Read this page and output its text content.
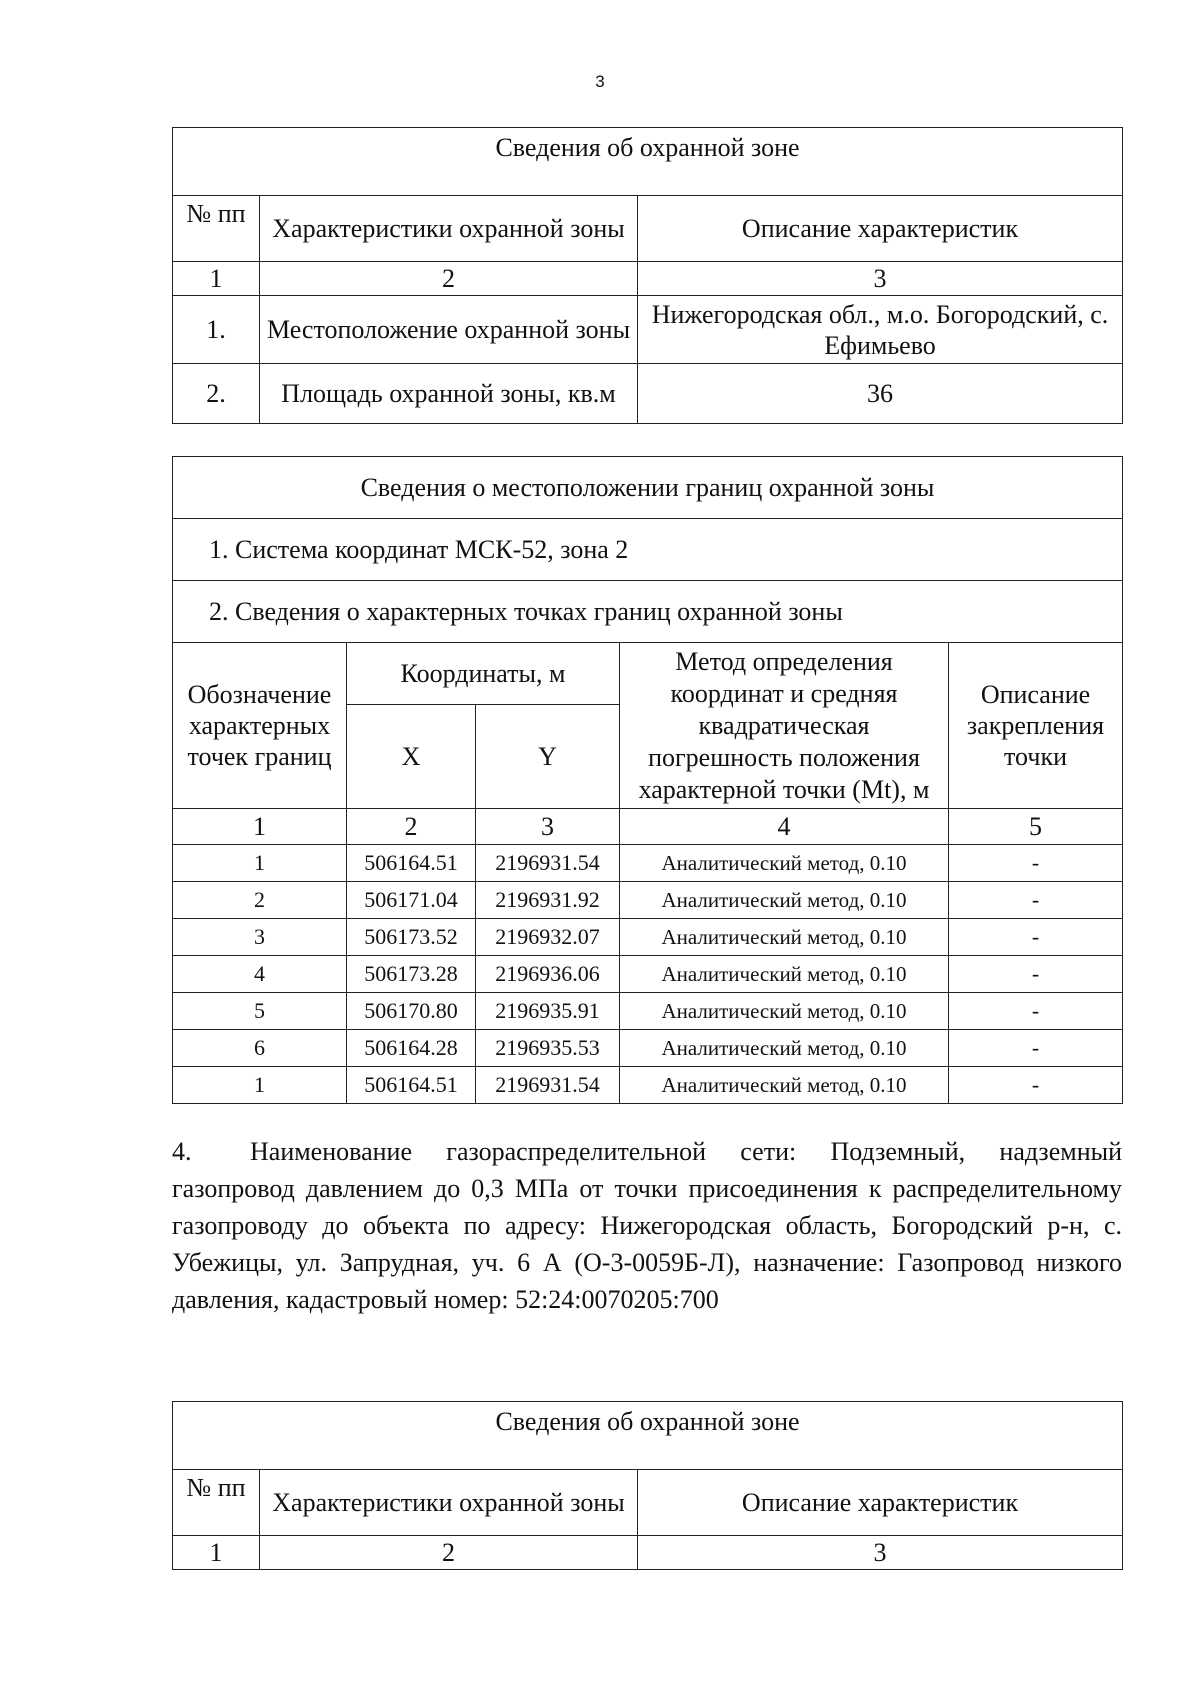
3
Сведения об охранной зоне		
№ пп	Характеристики охранной зоны	Описание характеристик
1	2	3
1.	Местоположение охранной зоны	Нижегородская обл., м.о. Богородский, с. Ефимьево
2.	Площадь охранной зоны, кв.м	36
Сведения о местоположении границ охранной зоны				
1. Система координат МСК-52, зона 2				
2. Сведения о характерных точках границ охранной зоны				
Обозначение характерных точек границ	Координаты, м		Метод определения координат и средняя квадратическая погрешность положения характерной точки (Mt), м	Описание закрепления точки
	X	Y		
1	2	3	4	5
1	506164.51	2196931.54	Аналитический метод, 0.10	-
2	506171.04	2196931.92	Аналитический метод, 0.10	-
3	506173.52	2196932.07	Аналитический метод, 0.10	-
4	506173.28	2196936.06	Аналитический метод, 0.10	-
5	506170.80	2196935.91	Аналитический метод, 0.10	-
6	506164.28	2196935.53	Аналитический метод, 0.10	-
1	506164.51	2196931.54	Аналитический метод, 0.10	-
4. Наименование газораспределительной сети: Подземный, надземный газопровод давлением до 0,3 МПа от точки присоединения к распределительному газопроводу до объекта по адресу: Нижегородская область, Богородский р-н, с. Убежицы, ул. Запрудная, уч. 6 А (О-3-0059Б-Л), назначение: Газопровод низкого давления, кадастровый номер: 52:24:0070205:700
Сведения об охранной зоне		
№ пп	Характеристики охранной зоны	Описание характеристик
1	2	3
